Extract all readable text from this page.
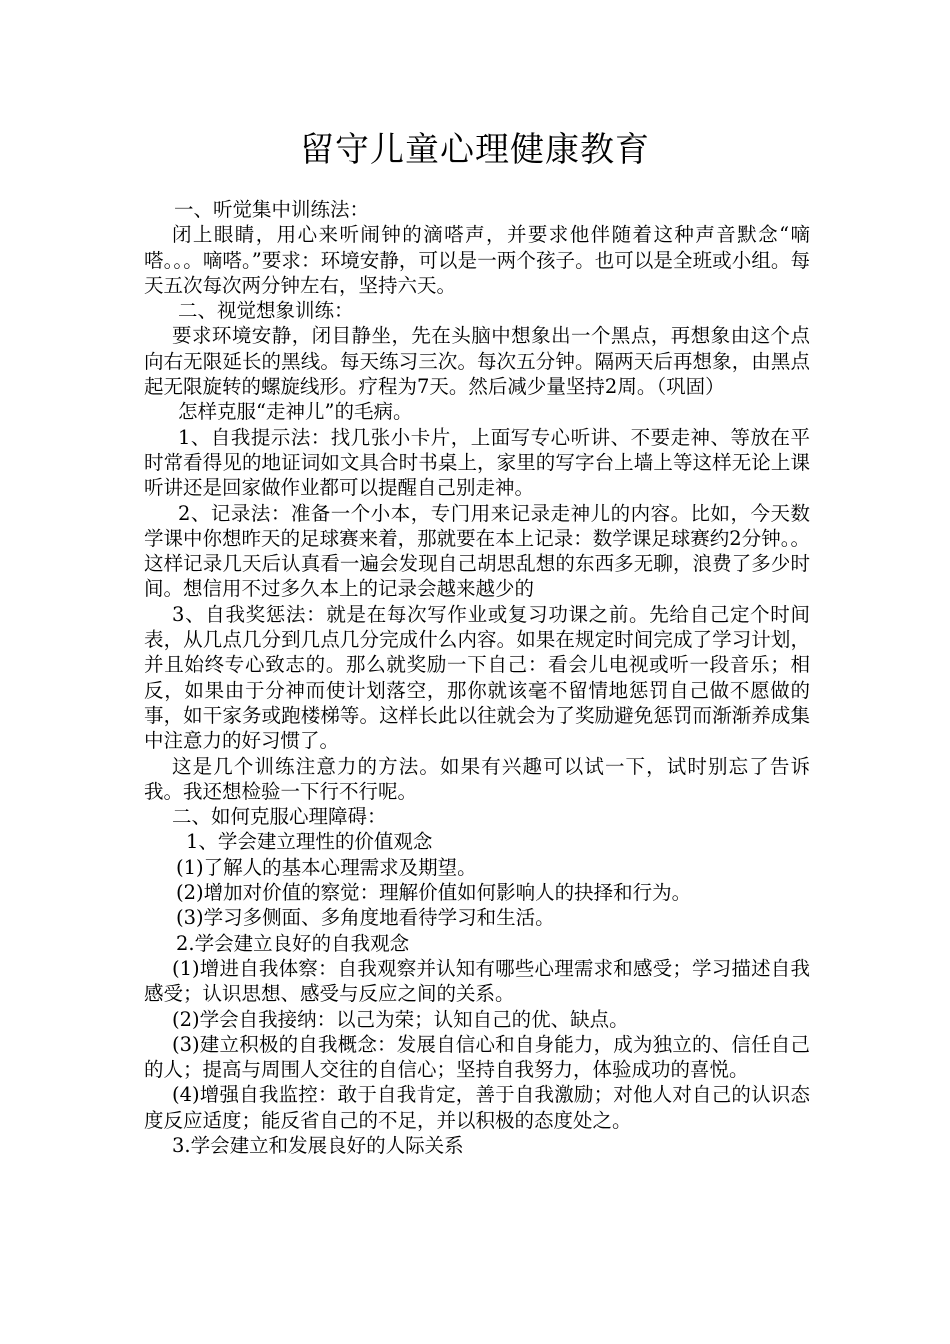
留守儿童心理健康教育

一、听觉集中训练法：

闭上眼睛，用心来听闹钟的滴嗒声，并要求他伴随着这种声音默念“嘀嗒。。。嘀嗒。”要求：环境安静，可以是一两个孩子。也可以是全班或小组。每天五次每次两分钟左右，坚持六天。

二、视觉想象训练：

要求环境安静，闭目静坐，先在头脑中想象出一个黑点，再想象由这个点向右无限延长的黑线。每天练习三次。每次五分钟。隔两天后再想象，由黑点起无限旋转的螺旋线形。疗程为7天。然后减少量坚持2周。（巩固）

怎样克服“走神儿”的毛病。

1、自我提示法：找几张小卡片，上面写专心听讲、不要走神、等放在平时常看得见的地证词如文具合时书桌上，家里的写字台上墙上等这样无论上课听讲还是回家做作业都可以提醒自己别走神。

2、记录法：准备一个小本，专门用来记录走神儿的内容。比如，今天数学课中你想昨天的足球赛来着，那就要在本上记录：数学课足球赛约2分钟。。这样记录几天后认真看一遍会发现自己胡思乱想的东西多无聊，浪费了多少时间。想信用不过多久本上的记录会越来越少的

3、自我奖惩法：就是在每次写作业或复习功课之前。先给自己定个时间表，从几点几分到几点几分完成什么内容。如果在规定时间完成了学习计划，并且始终专心致志的。那么就奖励一下自己：看会儿电视或听一段音乐；相反，如果由于分神而使计划落空，那你就该毫不留情地惩罚自己做不愿做的事，如干家务或跑楼梯等。这样长此以往就会为了奖励避免惩罚而渐渐养成集中注意力的好习惯了。

这是几个训练注意力的方法。如果有兴趣可以试一下，试时别忘了告诉我。我还想检验一下行不行呢。

二、如何克服心理障碍：

1、学会建立理性的价值观念

(1)了解人的基本心理需求及期望。

(2)增加对价值的察觉：理解价值如何影响人的抉择和行为。

(3)学习多侧面、多角度地看待学习和生活。

2.学会建立良好的自我观念

(1)增进自我体察：自我观察并认知有哪些心理需求和感受；学习描述自我感受；认识思想、感受与反应之间的关系。

(2)学会自我接纳：以己为荣；认知自己的优、缺点。

(3)建立积极的自我概念：发展自信心和自身能力，成为独立的、信任自己的人；提高与周围人交往的自信心；坚持自我努力，体验成功的喜悦。

(4)增强自我监控：敢于自我肯定，善于自我激励；对他人对自己的认识态度反应适度；能反省自己的不足，并以积极的态度处之。

3.学会建立和发展良好的人际关系
